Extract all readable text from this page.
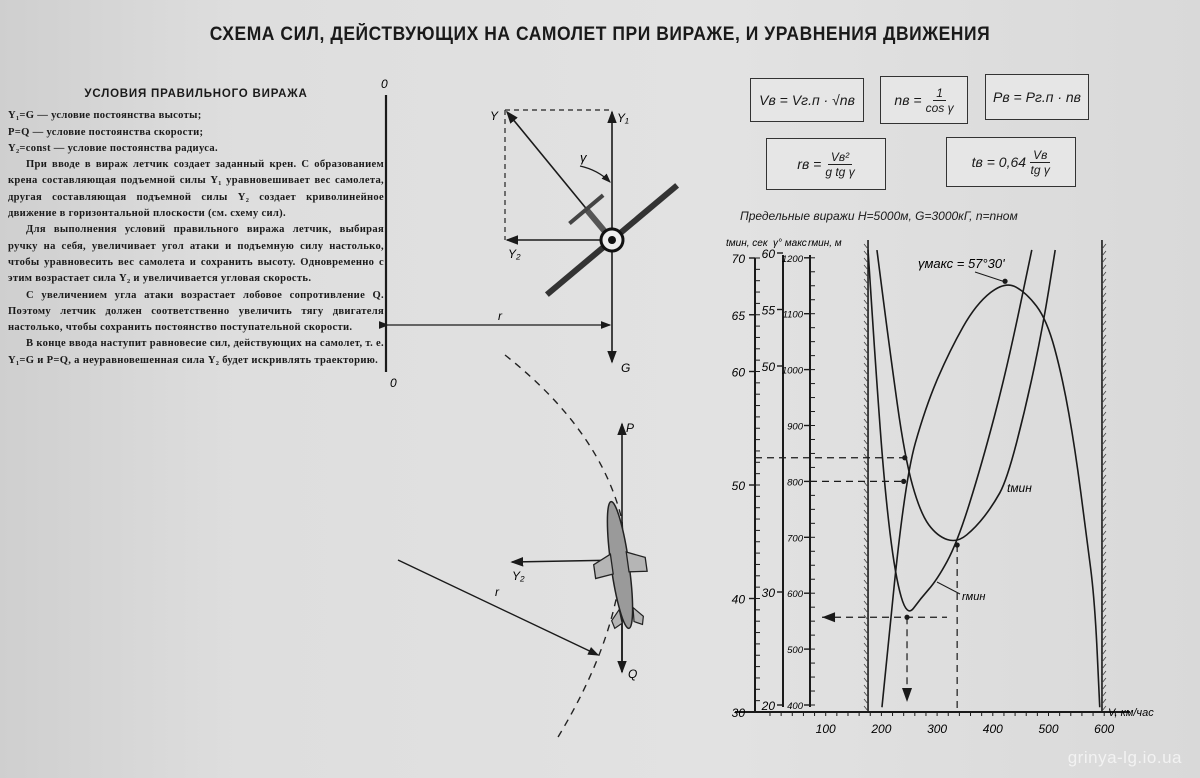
СХЕМА СИЛ, ДЕЙСТВУЮЩИХ НА САМОЛЕТ ПРИ ВИРАЖЕ, И УРАВНЕНИЯ ДВИЖЕНИЯ
УСЛОВИЯ ПРАВИЛЬНОГО ВИРАЖА
Y₁=G — условие постоянства высоты;
P=Q — условие постоянства скорости;
Y₂=const — условие постоянства радиуса.

При вводе в вираж летчик создает заданный крен. С образованием крена составляющая подъемной силы Y₁ уравновешивает вес самолета, другая составляющая подъемной силы Y₂ создает криволинейное движение в горизонтальной плоскости (см. схему сил).

Для выполнения условий правильного виража летчик, выбирая ручку на себя, увеличивает угол атаки и подъемную силу настолько, чтобы уравновесить вес самолета и сохранить высоту. Одновременно с этим возрастает сила Y₂ и увеличивается угловая скорость.

С увеличением угла атаки возрастает лобовое сопротивление Q. Поэтому летчик должен соответственно увеличить тягу двигателя настолько, чтобы сохранить постоянство поступательной скорости.

В конце ввода наступит равновесие сил, действующих на самолет, т. е. Y₁=G и P=Q, а неуравновешенная сила Y₂ будет искривлять траекторию.

Vв = Vг.п · √nв	nв = $\frac{1}{\text{cos γ}}$	Pв = Pг.п · nв
rв = $\frac{\text{Vв²}}{\text{g tg γ}}$	tв = $0,64 \frac{Vв}{\text{tg γ}}$
0
0
Y	Y₁
γ
Y₂
r
G
P
Y₂
r
Q
Предельные виражи H=5000м, G=3000кГ, n=nном
30
40
50
60
65
70
20
30
50
55
60
400
500
600
700
800
900
1000
1100
1200
100	200	300	400	500	600
V, км/час
tмин, сек γ° макс rмин, м
γмакс = 57°30'
tмин
rмин
grinya-lg.io.ua
